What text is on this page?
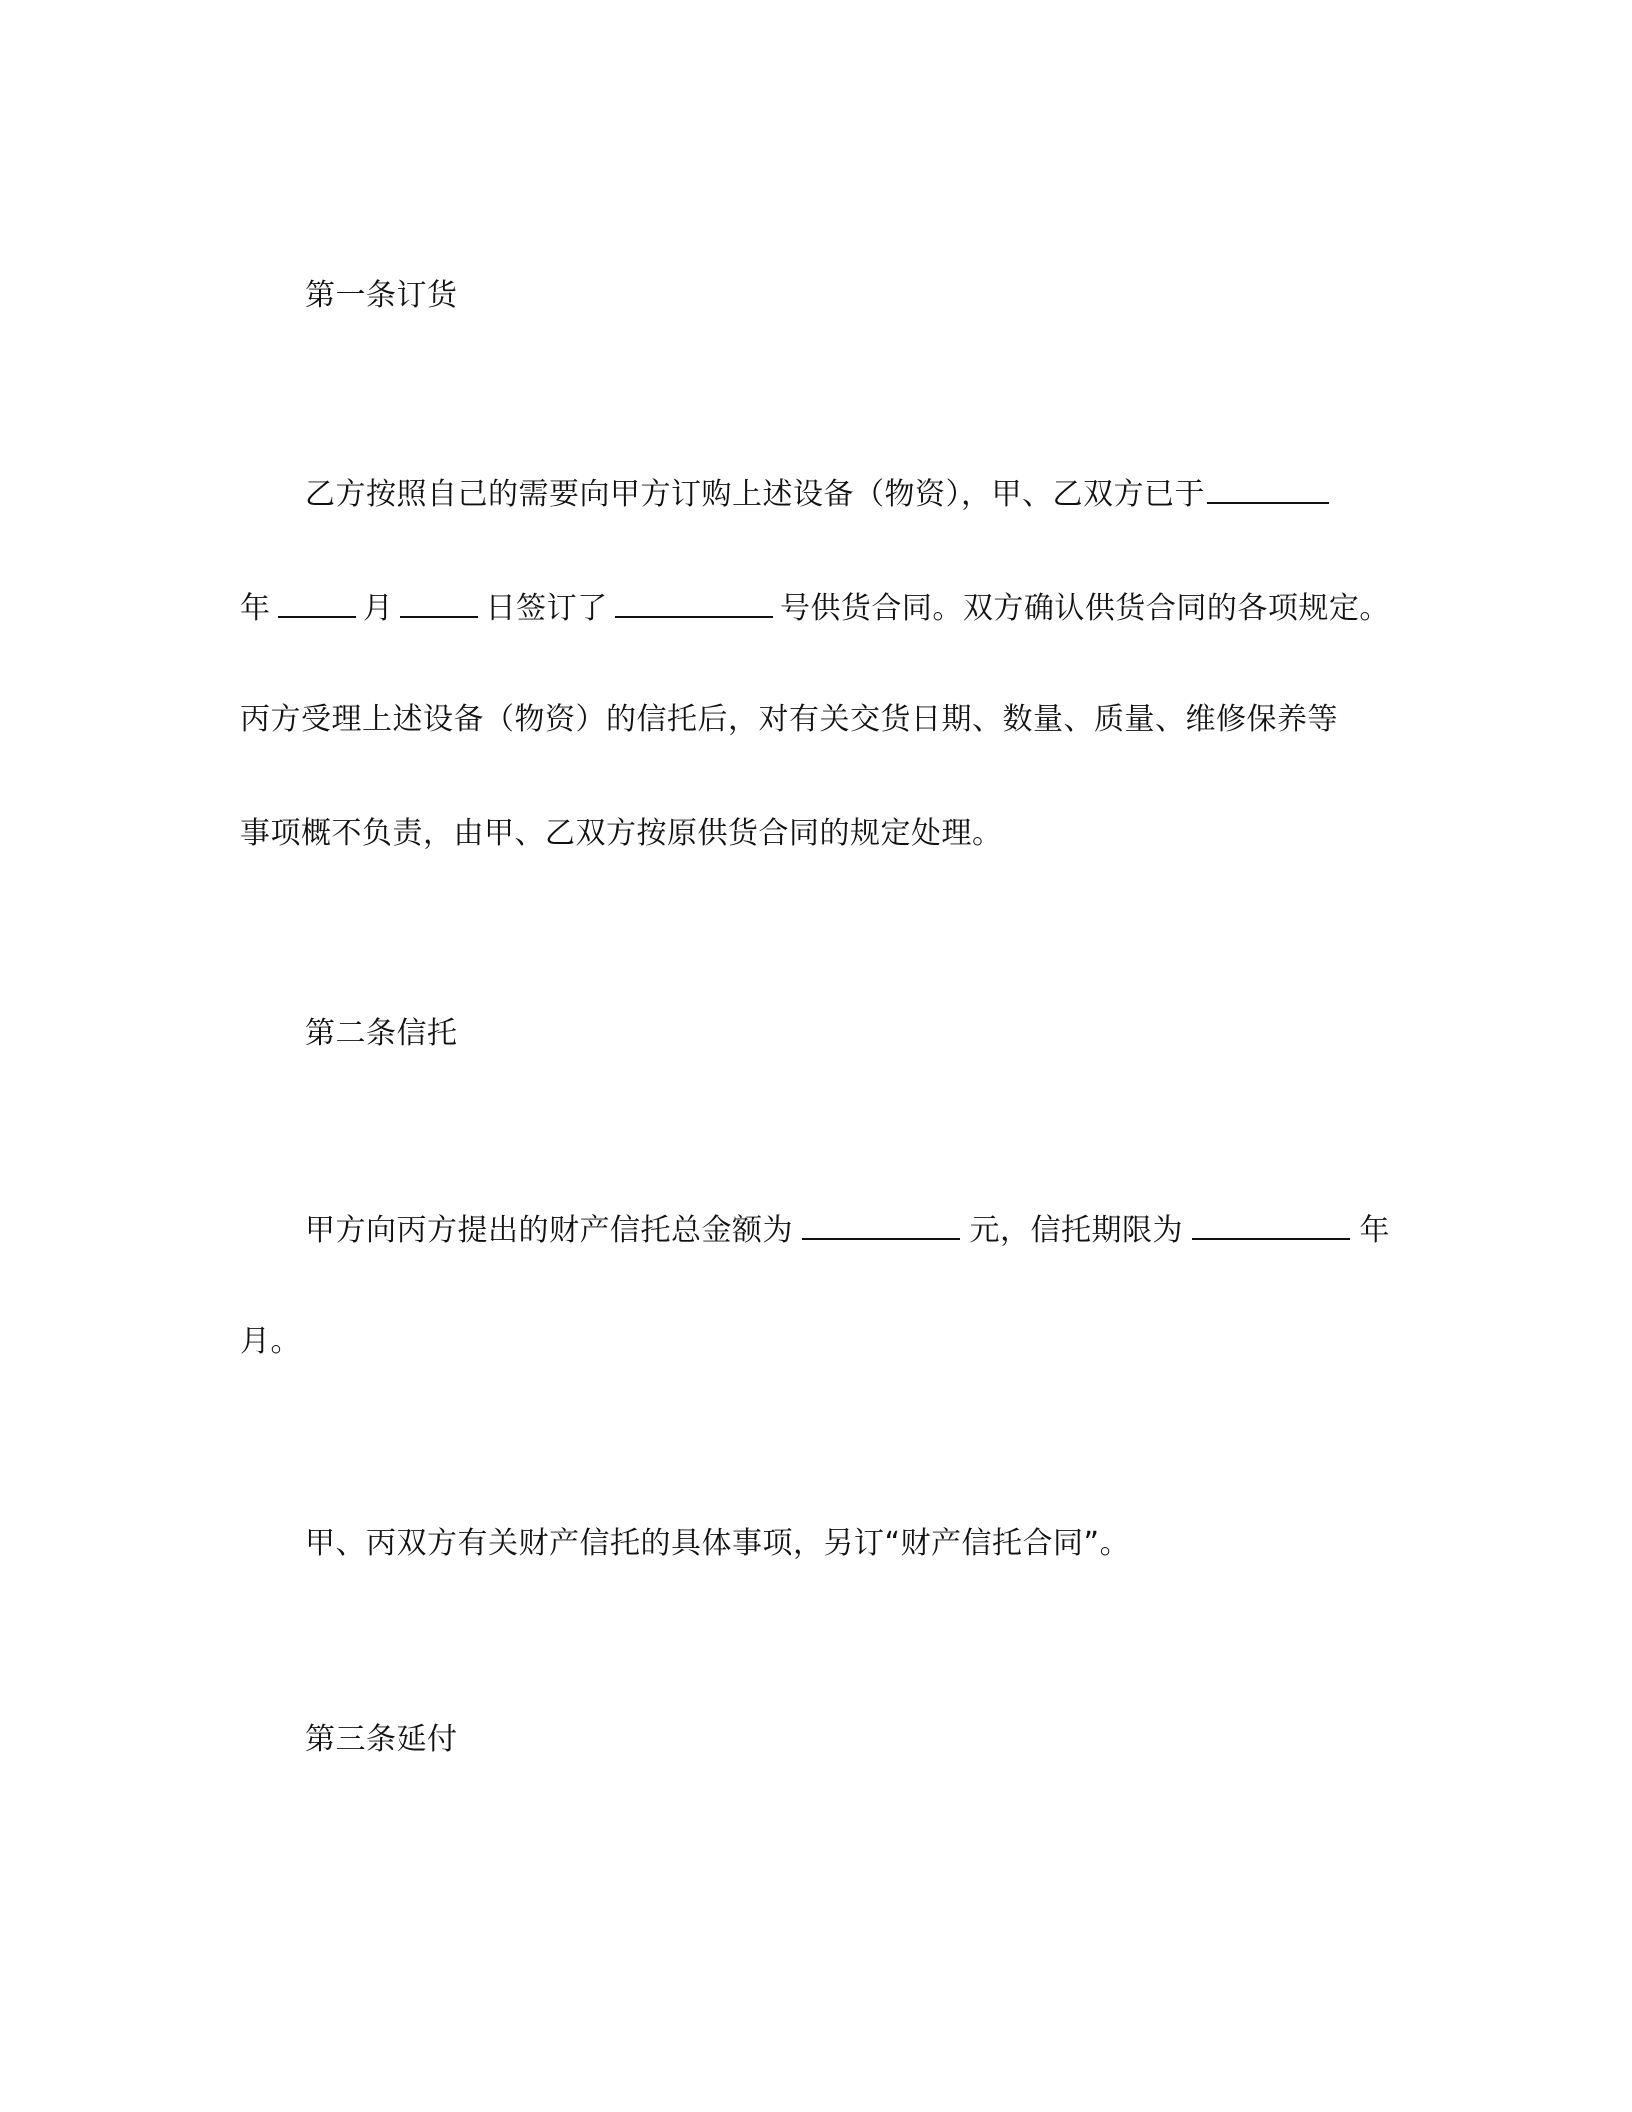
第一条订货
乙方按照自己的需要向甲方订购上述设备（物资），甲、乙双方已于
年	月	日签订了	号供货合同。双方确认供货合同的各项规定。
丙方受理上述设备（物资）的信托后，对有关交货日期、数量、质量、维修保养等
事项概不负责，由甲、乙双方按原供货合同的规定处理。
第二条信托
甲方向丙方提出的财产信托总金额为	元，信托期限为	年
月。
甲、丙双方有关财产信托的具体事项，另订“财产信托合同”。
第三条延付
